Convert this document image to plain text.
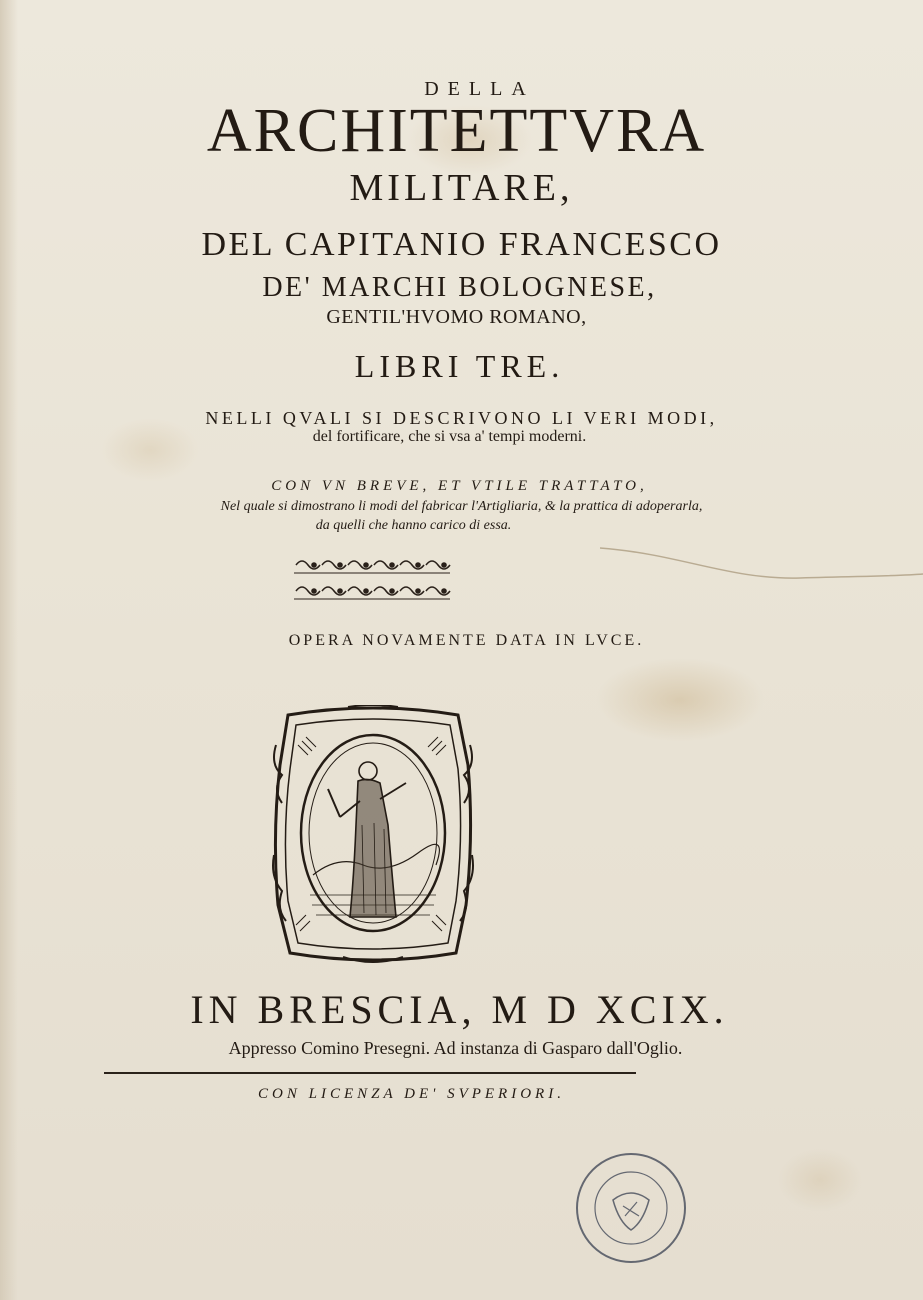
DELLA
ARCHITETTVRA
MILITARE,
DEL CAPITANIO FRANCESCO
DE' MARCHI BOLOGNESE,
GENTIL'HVOMO ROMANO,
LIBRI TRE.
NELLI QVALI SI DESCRIVONO LI VERI MODI,
del fortificare, che si vsa a' tempi moderni.
CON VN BREVE, ET VTILE TRATTATO,
Nel quale si dimostrano li modi del fabricar l'Artigliaria, & la prattica di adoperarla,
da quelli che hanno carico di essa.
OPERA NOVAMENTE DATA IN LVCE.
IN BRESCIA, M D XCIX.
Appresso Comino Presegni. Ad instanza di Gasparo dall'Oglio.
CON LICENZA DE' SVPERIORI.
